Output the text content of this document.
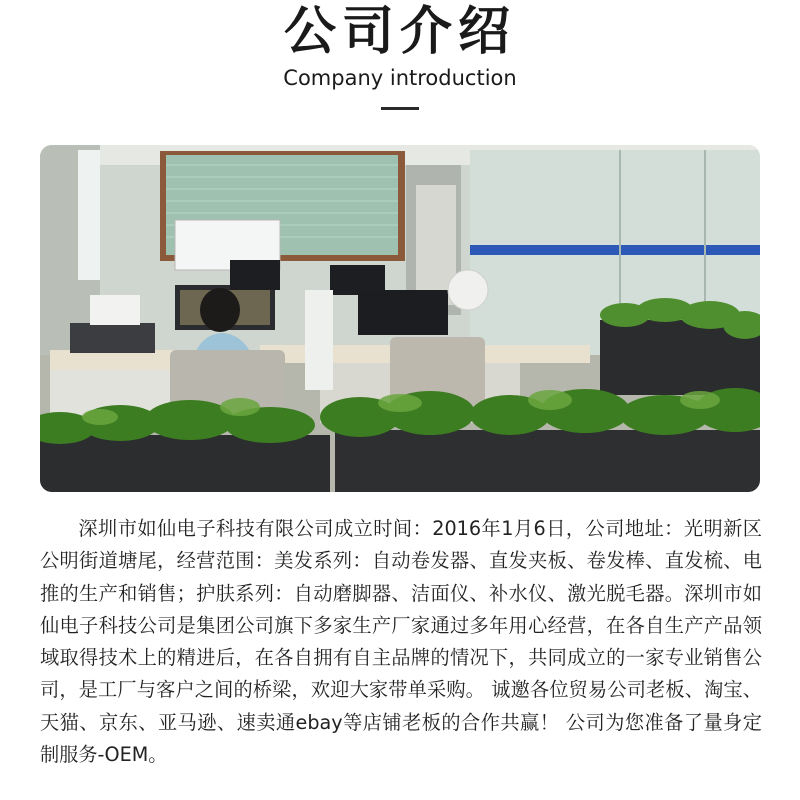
公司介绍
Company introduction

深圳市如仙电子科技有限公司成立时间：2016年1月6日，公司地址：光明新区公明街道塘尾，经营范围：美发系列：自动卷发器、直发夹板、卷发棒、直发梳、电推的生产和销售；护肤系列：自动磨脚器、洁面仪、补水仪、激光脱毛器。深圳市如仙电子科技公司是集团公司旗下多家生产厂家通过多年用心经营，在各自生产产品领域取得技术上的精进后，在各自拥有自主品牌的情况下，共同成立的一家专业销售公司，是工厂与客户之间的桥梁，欢迎大家带单采购。 诚邀各位贸易公司老板、淘宝、天猫、京东、亚马逊、速卖通ebay等店铺老板的合作共赢！ 公司为您准备了量身定制服务-OEM。
